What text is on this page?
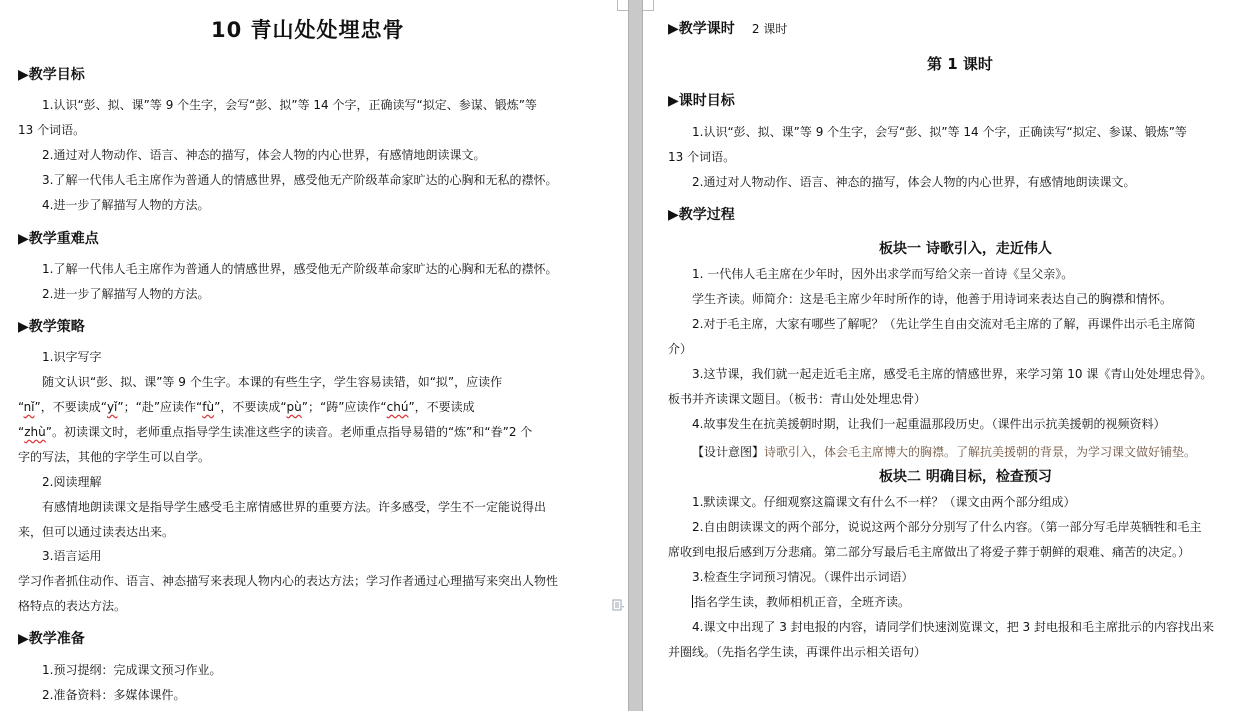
10 青山处处埋忠骨
▶教学目标
1.认识“彭、拟、课”等 9 个生字，会写“彭、拟”等 14 个字，正确读写“拟定、参谋、锻炼”等
13 个词语。
2.通过对人物动作、语言、神态的描写，体会人物的内心世界，有感情地朗读课文。
3.了解一代伟人毛主席作为普通人的情感世界，感受他无产阶级革命家旷达的心胸和无私的襟怀。
4.进一步了解描写人物的方法。
▶教学重难点
1.了解一代伟人毛主席作为普通人的情感世界，感受他无产阶级革命家旷达的心胸和无私的襟怀。
2.进一步了解描写人物的方法。
▶教学策略
1.识字写字
随文认识“彭、拟、课”等 9 个生字。本课的有些生字，学生容易读错，如“拟”，应读作
“nǐ”，不要读成“yǐ”；“赴”应读作“fù”，不要读成“pù”；“踌”应读作“chú”，不要读成
“zhù”。初读课文时，老师重点指导学生读准这些字的读音。老师重点指导易错的“炼”和“眷”2 个
字的写法，其他的字学生可以自学。
2.阅读理解
有感情地朗读课文是指导学生感受毛主席情感世界的重要方法。许多感受，学生不一定能说得出
来，但可以通过读表达出来。
3.语言运用
学习作者抓住动作、语言、神态描写来表现人物内心的表达方法；学习作者通过心理描写来突出人物性
格特点的表达方法。
▶教学准备
1.预习提纲：完成课文预习作业。
2.准备资料：多媒体课件。
▶教学课时 2 课时
第 1 课时
▶课时目标
1.认识“彭、拟、课”等 9 个生字，会写“彭、拟”等 14 个字，正确读写“拟定、参谋、锻炼”等
13 个词语。
2.通过对人物动作、语言、神态的描写，体会人物的内心世界，有感情地朗读课文。
▶教学过程
板块一 诗歌引入，走近伟人
1. 一代伟人毛主席在少年时，因外出求学而写给父亲一首诗《呈父亲》。
学生齐读。师简介：这是毛主席少年时所作的诗，他善于用诗词来表达自己的胸襟和情怀。
2.对于毛主席，大家有哪些了解呢？（先让学生自由交流对毛主席的了解，再课件出示毛主席简
介）
3.这节课，我们就一起走近毛主席，感受毛主席的情感世界，来学习第 10 课《青山处处埋忠骨》。
板书并齐读课文题目。（板书：青山处处埋忠骨）
4.故事发生在抗美援朝时期，让我们一起重温那段历史。（课件出示抗美援朝的视频资料）
【设计意图】诗歌引入，体会毛主席博大的胸襟。了解抗美援朝的背景，为学习课文做好铺垫。
板块二 明确目标，检查预习
1.默读课文。仔细观察这篇课文有什么不一样？（课文由两个部分组成）
2.自由朗读课文的两个部分，说说这两个部分分别写了什么内容。（第一部分写毛岸英牺牲和毛主
席收到电报后感到万分悲痛。第二部分写最后毛主席做出了将爱子葬于朝鲜的艰难、痛苦的决定。）
3.检查生字词预习情况。（课件出示词语）
指名学生读，教师相机正音，全班齐读。
4.课文中出现了 3 封电报的内容，请同学们快速浏览课文，把 3 封电报和毛主席批示的内容找出来
并圈线。（先指名学生读，再课件出示相关语句）
